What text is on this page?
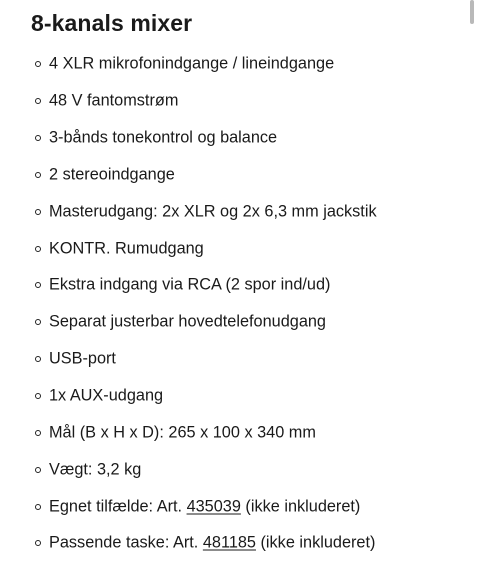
8-kanals mixer
4 XLR mikrofonindgange / lineindgange
48 V fantomstrøm
3-bånds tonekontrol og balance
2 stereoindgange
Masterudgang: 2x XLR og 2x 6,3 mm jackstik
KONTR. Rumudgang
Ekstra indgang via RCA (2 spor ind/ud)
Separat justerbar hovedtelefonudgang
USB-port
1x AUX-udgang
Mål (B x H x D): 265 x 100 x 340 mm
Vægt: 3,2 kg
Egnet tilfælde: Art. 435039 (ikke inkluderet)
Passende taske: Art. 481185 (ikke inkluderet)
